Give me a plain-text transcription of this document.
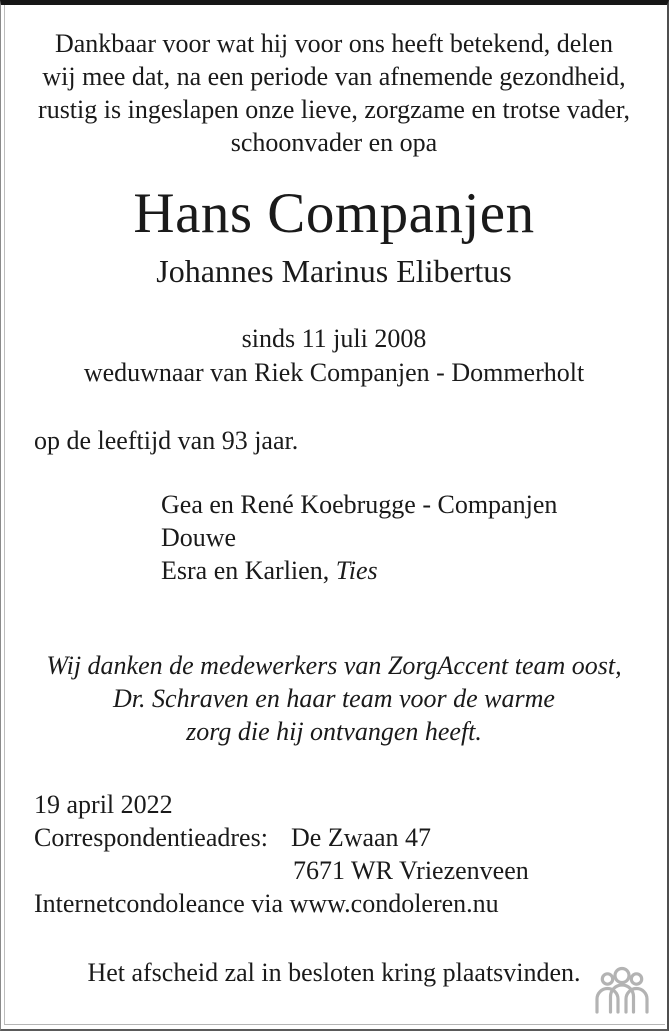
Dankbaar voor wat hij voor ons heeft betekend, delen
wij mee dat, na een periode van afnemende gezondheid,
rustig is ingeslapen onze lieve, zorgzame en trotse vader,
schoonvader en opa
Hans Companjen
Johannes Marinus Elibertus
sinds 11 juli 2008
weduwnaar van Riek Companjen - Dommerholt
op de leeftijd van 93 jaar.
Gea en René Koebrugge - Companjen
Douwe
Esra en Karlien, Ties
Wij danken de medewerkers van ZorgAccent team oost,
Dr. Schraven en haar team voor de warme
zorg die hij ontvangen heeft.
19 april 2022
Correspondentieadres: De Zwaan 47
7671 WR Vriezenveen
Internetcondoleance via www.condoleren.nu
Het afscheid zal in besloten kring plaatsvinden.
